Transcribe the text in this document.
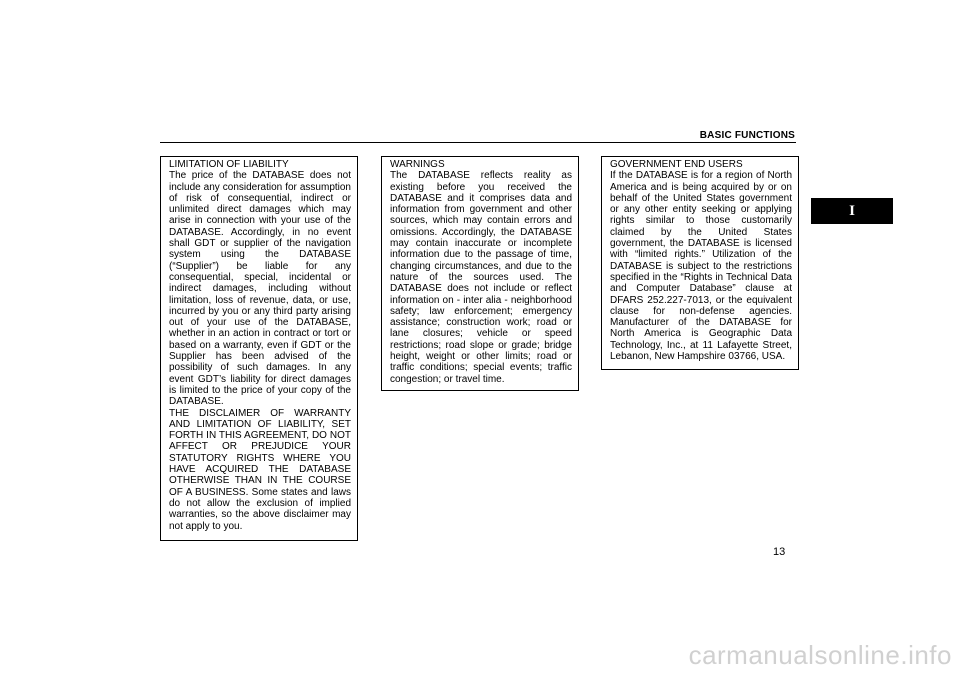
BASIC FUNCTIONS
LIMITATION OF LIABILITY

The price of the DATABASE does not include any consideration for assumption of risk of consequential, indirect or unlimited direct damages which may arise in connection with your use of the DATABASE. Accordingly, in no event shall GDT or supplier of the navigation system using the DATABASE (“Supplier”) be liable for any consequential, special, incidental or indirect damages, including without limitation, loss of revenue, data, or use, incurred by you or any third party arising out of your use of the DATABASE, whether in an action in contract or tort or based on a warranty, even if GDT or the Supplier has been advised of the possibility of such damages. In any event GDT’s liability for direct damages is limited to the price of your copy of the DATABASE.

THE DISCLAIMER OF WARRANTY AND LIMITATION OF LIABILITY, SET FORTH IN THIS AGREEMENT, DO NOT AFFECT OR PREJUDICE YOUR STATUTORY RIGHTS WHERE YOU HAVE ACQUIRED THE DATABASE OTHERWISE THAN IN THE COURSE OF A BUSINESS. Some states and laws do not allow the exclusion of implied warranties, so the above disclaimer may not apply to you.

WARNINGS

The DATABASE reflects reality as existing before you received the DATABASE and it comprises data and information from government and other sources, which may contain errors and omissions. Accordingly, the DATABASE may contain inaccurate or incomplete information due to the passage of time, changing circumstances, and due to the nature of the sources used. The DATABASE does not include or reflect information on - inter alia - neighborhood safety; law enforcement; emergency assistance; construction work; road or lane closures; vehicle or speed restrictions; road slope or grade; bridge height, weight or other limits; road or traffic conditions; special events; traffic congestion; or travel time.

GOVERNMENT END USERS

If the DATABASE is for a region of North America and is being acquired by or on behalf of the United States government or any other entity seeking or applying rights similar to those customarily claimed by the United States government, the DATABASE is licensed with “limited rights.” Utilization of the DATABASE is subject to the restrictions specified in the “Rights in Technical Data and Computer Database” clause at DFARS 252.227-7013, or the equivalent clause for non-defense agencies. Manufacturer of the DATABASE for North America is Geographic Data Technology, Inc., at 11 Lafayette Street, Lebanon, New Hampshire 03766, USA.

I
13
carmanualsonline.info
